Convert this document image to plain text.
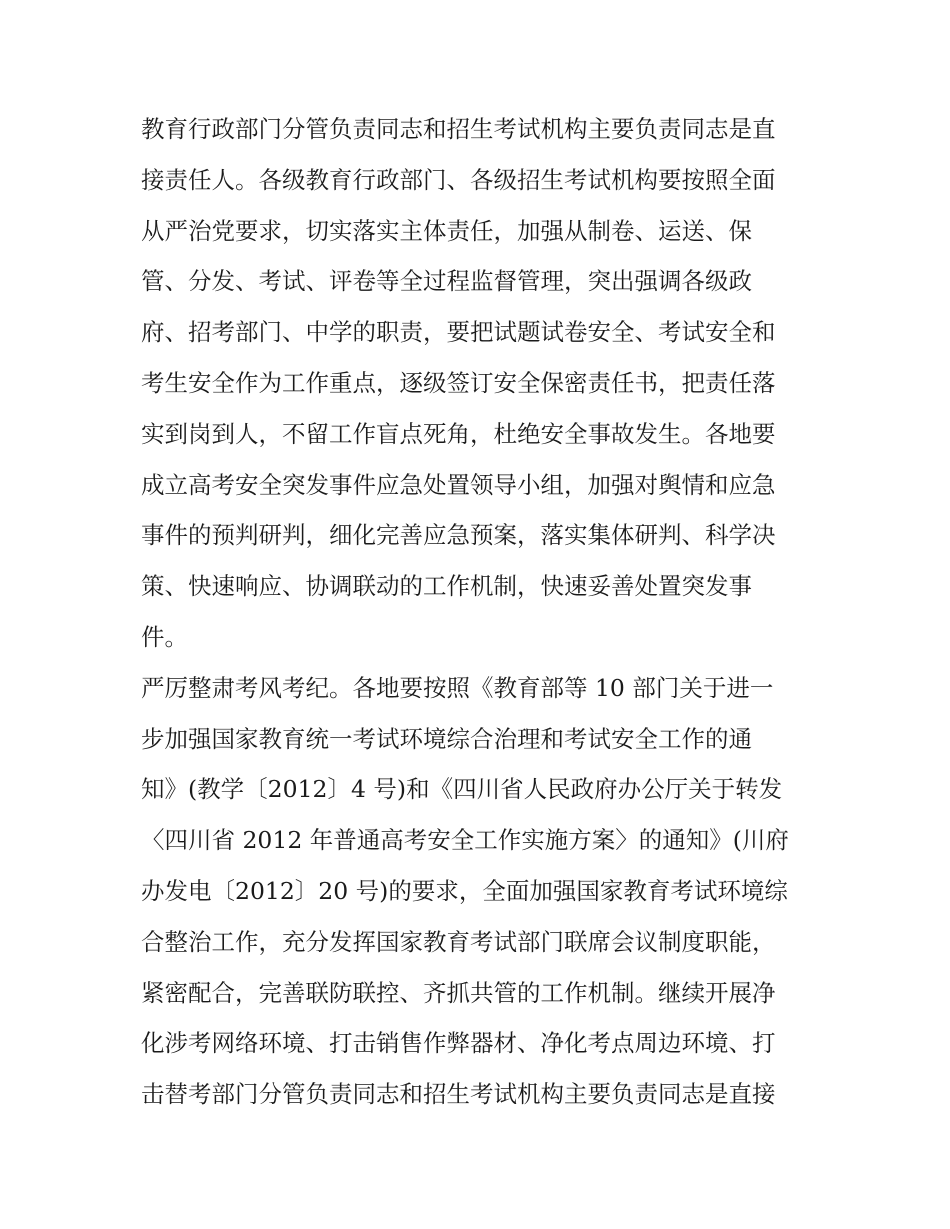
教育行政部门分管负责同志和招生考试机构主要负责同志是直
接责任人。各级教育行政部门、各级招生考试机构要按照全面
从严治党要求，切实落实主体责任，加强从制卷、运送、保
管、分发、考试、评卷等全过程监督管理，突出强调各级政
府、招考部门、中学的职责，要把试题试卷安全、考试安全和
考生安全作为工作重点，逐级签订安全保密责任书，把责任落
实到岗到人，不留工作盲点死角，杜绝安全事故发生。各地要
成立高考安全突发事件应急处置领导小组，加强对舆情和应急
事件的预判研判，细化完善应急预案，落实集体研判、科学决
策、快速响应、协调联动的工作机制，快速妥善处置突发事
件。
严厉整肃考风考纪。各地要按照《教育部等 10 部门关于进一
步加强国家教育统一考试环境综合治理和考试安全工作的通
知》(教学〔2012〕4 号)和《四川省人民政府办公厅关于转发
〈四川省 2012 年普通高考安全工作实施方案〉的通知》(川府
办发电〔2012〕20 号)的要求，全面加强国家教育考试环境综
合整治工作，充分发挥国家教育考试部门联席会议制度职能，
紧密配合，完善联防联控、齐抓共管的工作机制。继续开展净
化涉考网络环境、打击销售作弊器材、净化考点周边环境、打
击替考部门分管负责同志和招生考试机构主要负责同志是直接
